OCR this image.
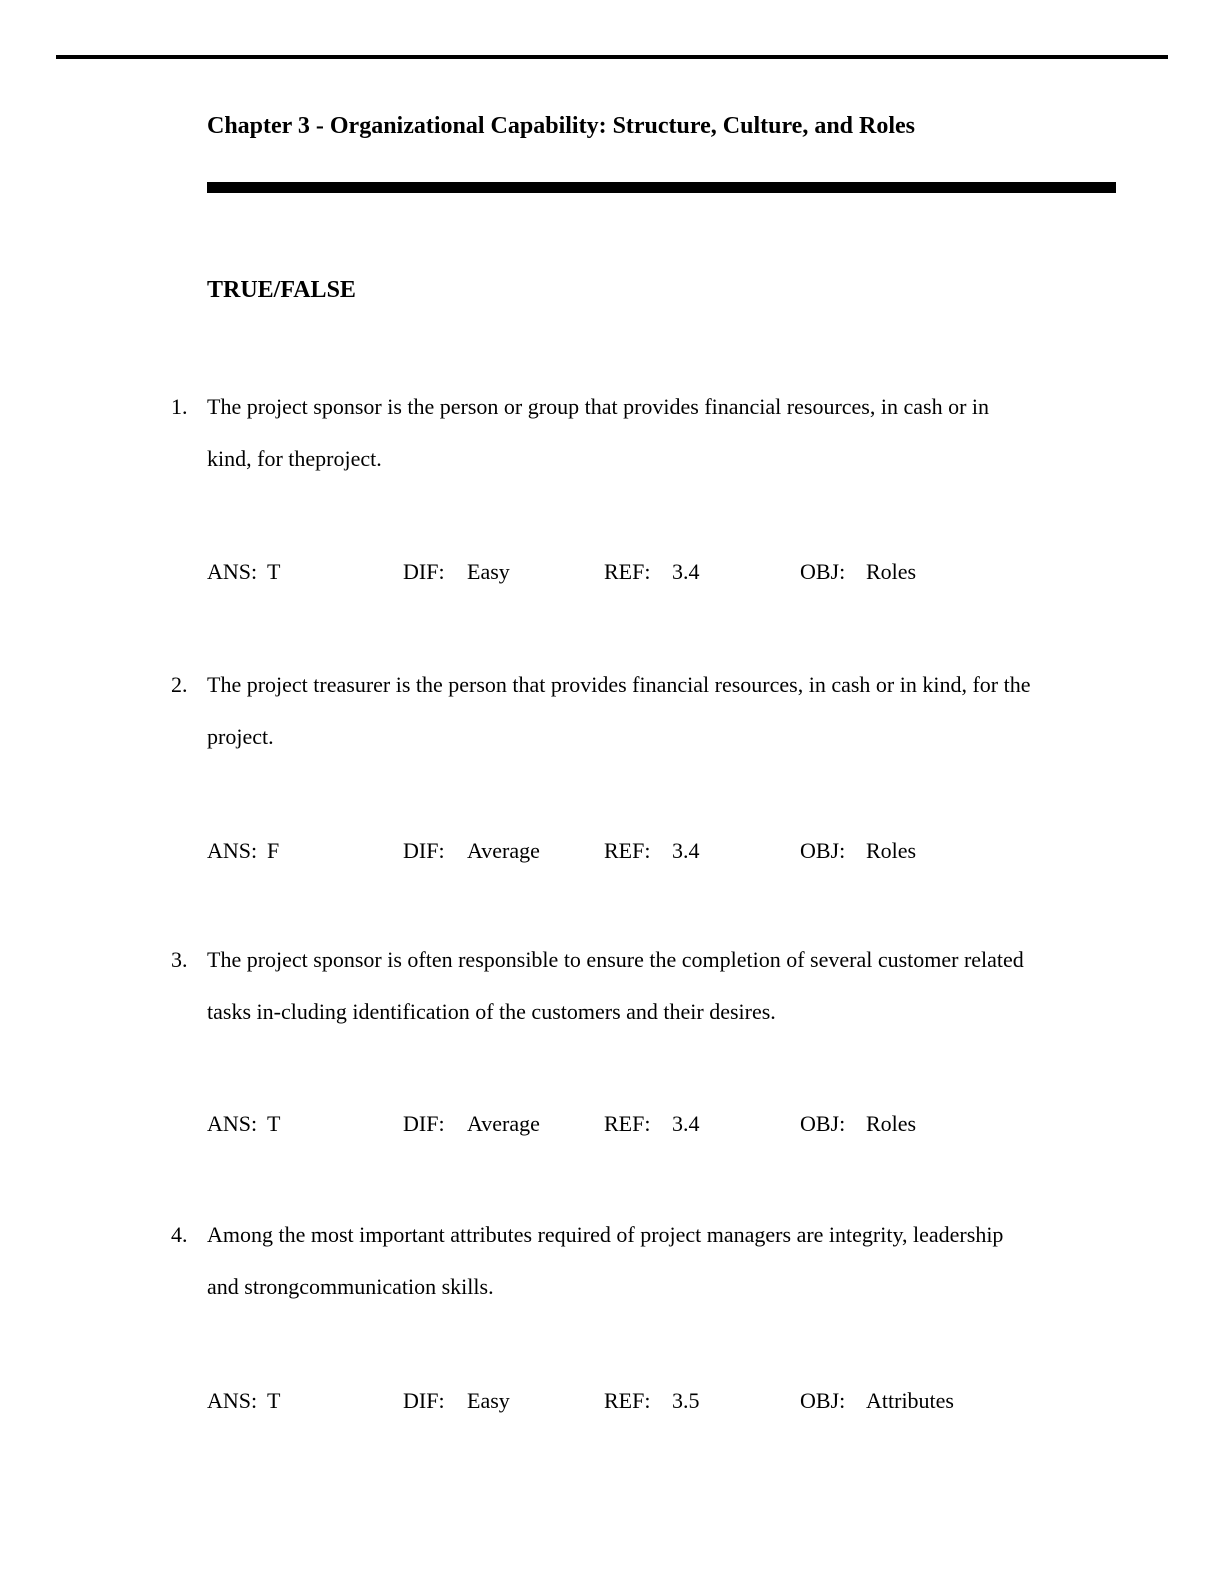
Chapter 3 - Organizational Capability: Structure, Culture, and Roles
TRUE/FALSE
1. The project sponsor is the person or group that provides financial resources, in cash or in
kind, for theproject.
ANS: T	DIF: Easy	REF: 3.4	OBJ: Roles
2. The project treasurer is the person that provides financial resources, in cash or in kind, for the
project.
ANS: F	DIF: Average	REF: 3.4	OBJ: Roles
3. The project sponsor is often responsible to ensure the completion of several customer related
tasks in-cluding identification of the customers and their desires.
ANS: T	DIF: Average	REF: 3.4	OBJ: Roles
4. Among the most important attributes required of project managers are integrity, leadership
and strongcommunication skills.
ANS: T	DIF: Easy	REF: 3.5	OBJ: Attributes
